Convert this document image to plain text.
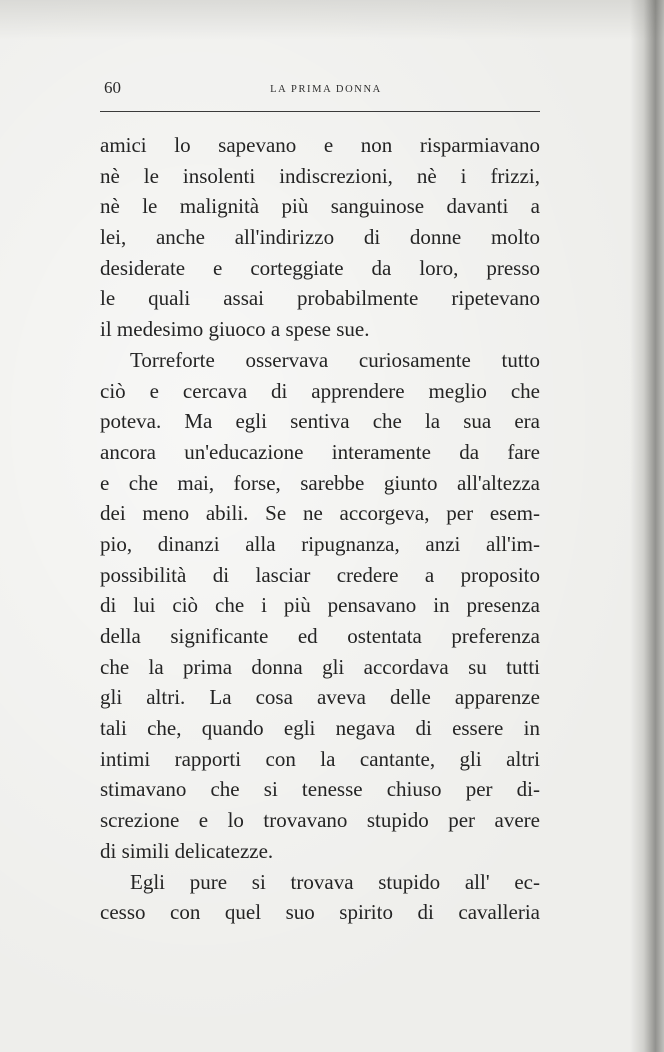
60	LA PRIMA DONNA
amici lo sapevano e non risparmiavano
nè le insolenti indiscrezioni, nè i frizzi,
nè le malignità più sanguinose davanti a
lei, anche all'indirizzo di donne molto
desiderate e corteggiate da loro, presso
le quali assai probabilmente ripetevano
il medesimo giuoco a spese sue.
Torreforte osservava curiosamente tutto
ciò e cercava di apprendere meglio che
poteva. Ma egli sentiva che la sua era
ancora un'educazione interamente da fare
e che mai, forse, sarebbe giunto all'altezza
dei meno abili. Se ne accorgeva, per esem-
pio, dinanzi alla ripugnanza, anzi all'im-
possibilità di lasciar credere a proposito
di lui ciò che i più pensavano in presenza
della significante ed ostentata preferenza
che la prima donna gli accordava su tutti
gli altri. La cosa aveva delle apparenze
tali che, quando egli negava di essere in
intimi rapporti con la cantante, gli altri
stimavano che si tenesse chiuso per di-
screzione e lo trovavano stupido per avere
di simili delicatezze.
Egli pure si trovava stupido all' ec-
cesso con quel suo spirito di cavalleria
